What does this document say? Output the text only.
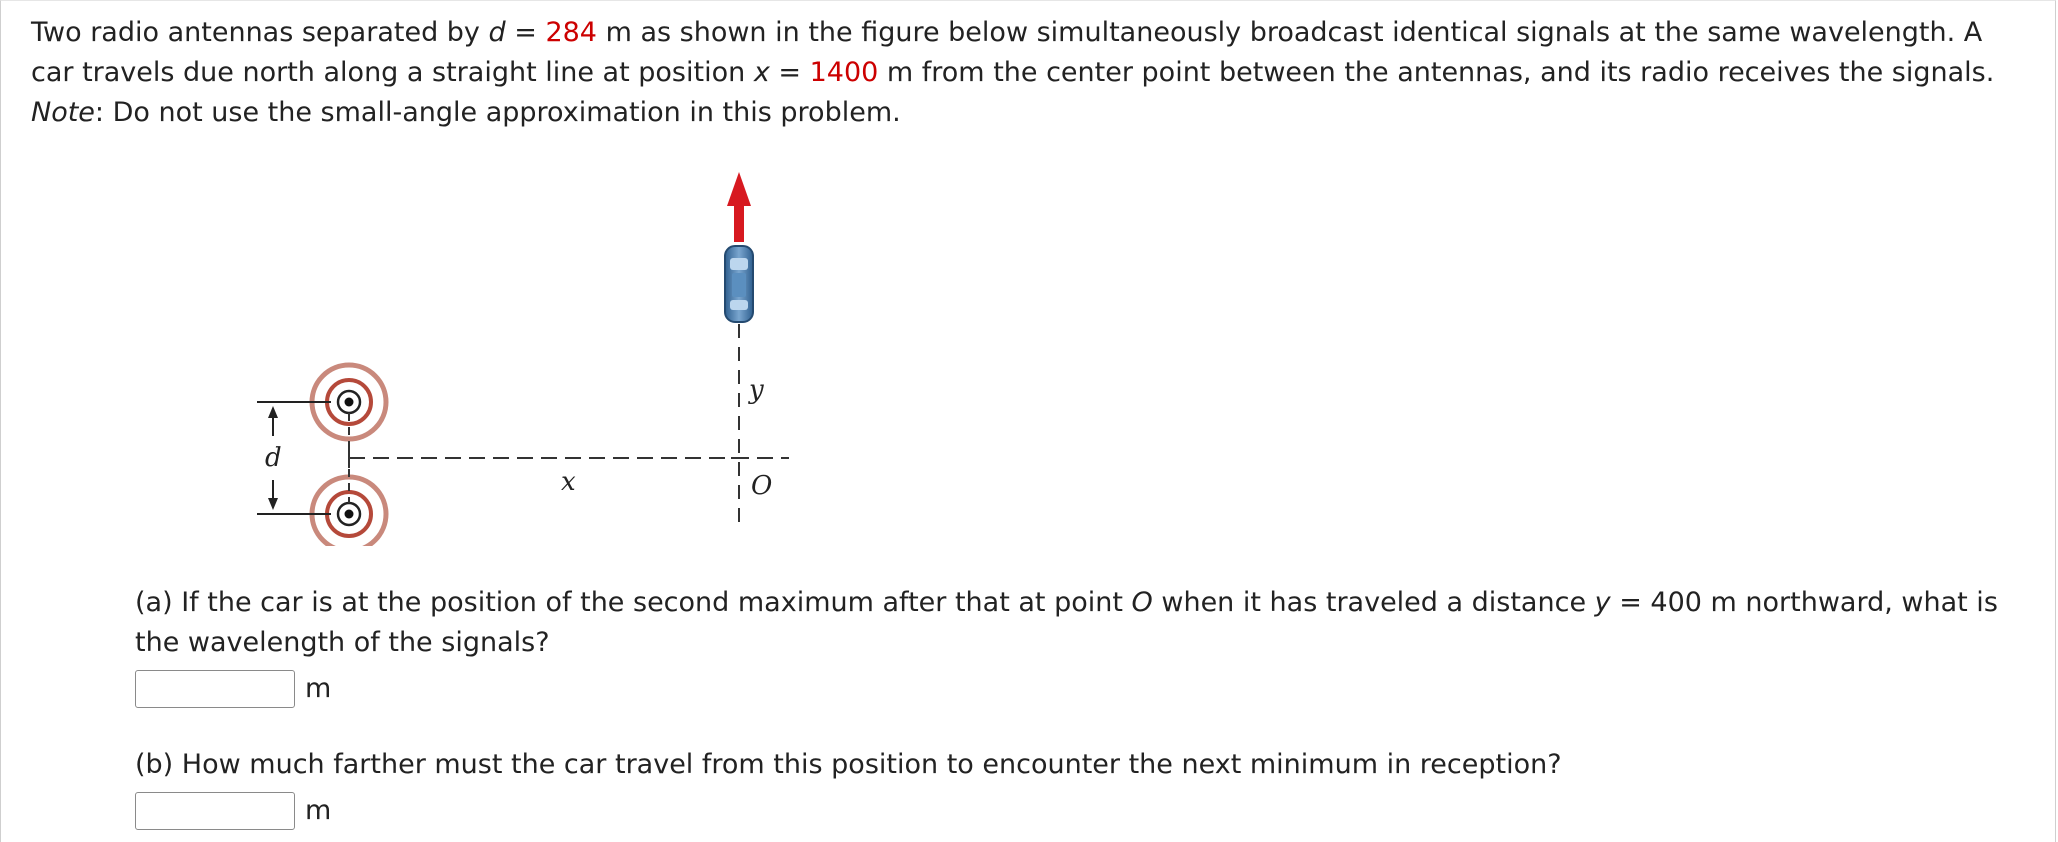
Two radio antennas separated by d = 284 m as shown in the figure below simultaneously broadcast identical signals at the same wavelength. A car travels due north along a straight line at position x = 1400 m from the center point between the antennas, and its radio receives the signals. Note: Do not use the small-angle approximation in this problem.
d
x
y
O
(a) If the car is at the position of the second maximum after that at point O when it has traveled a distance y = 400 m northward, what is the wavelength of the signals?
m
(b) How much farther must the car travel from this position to encounter the next minimum in reception?
m
